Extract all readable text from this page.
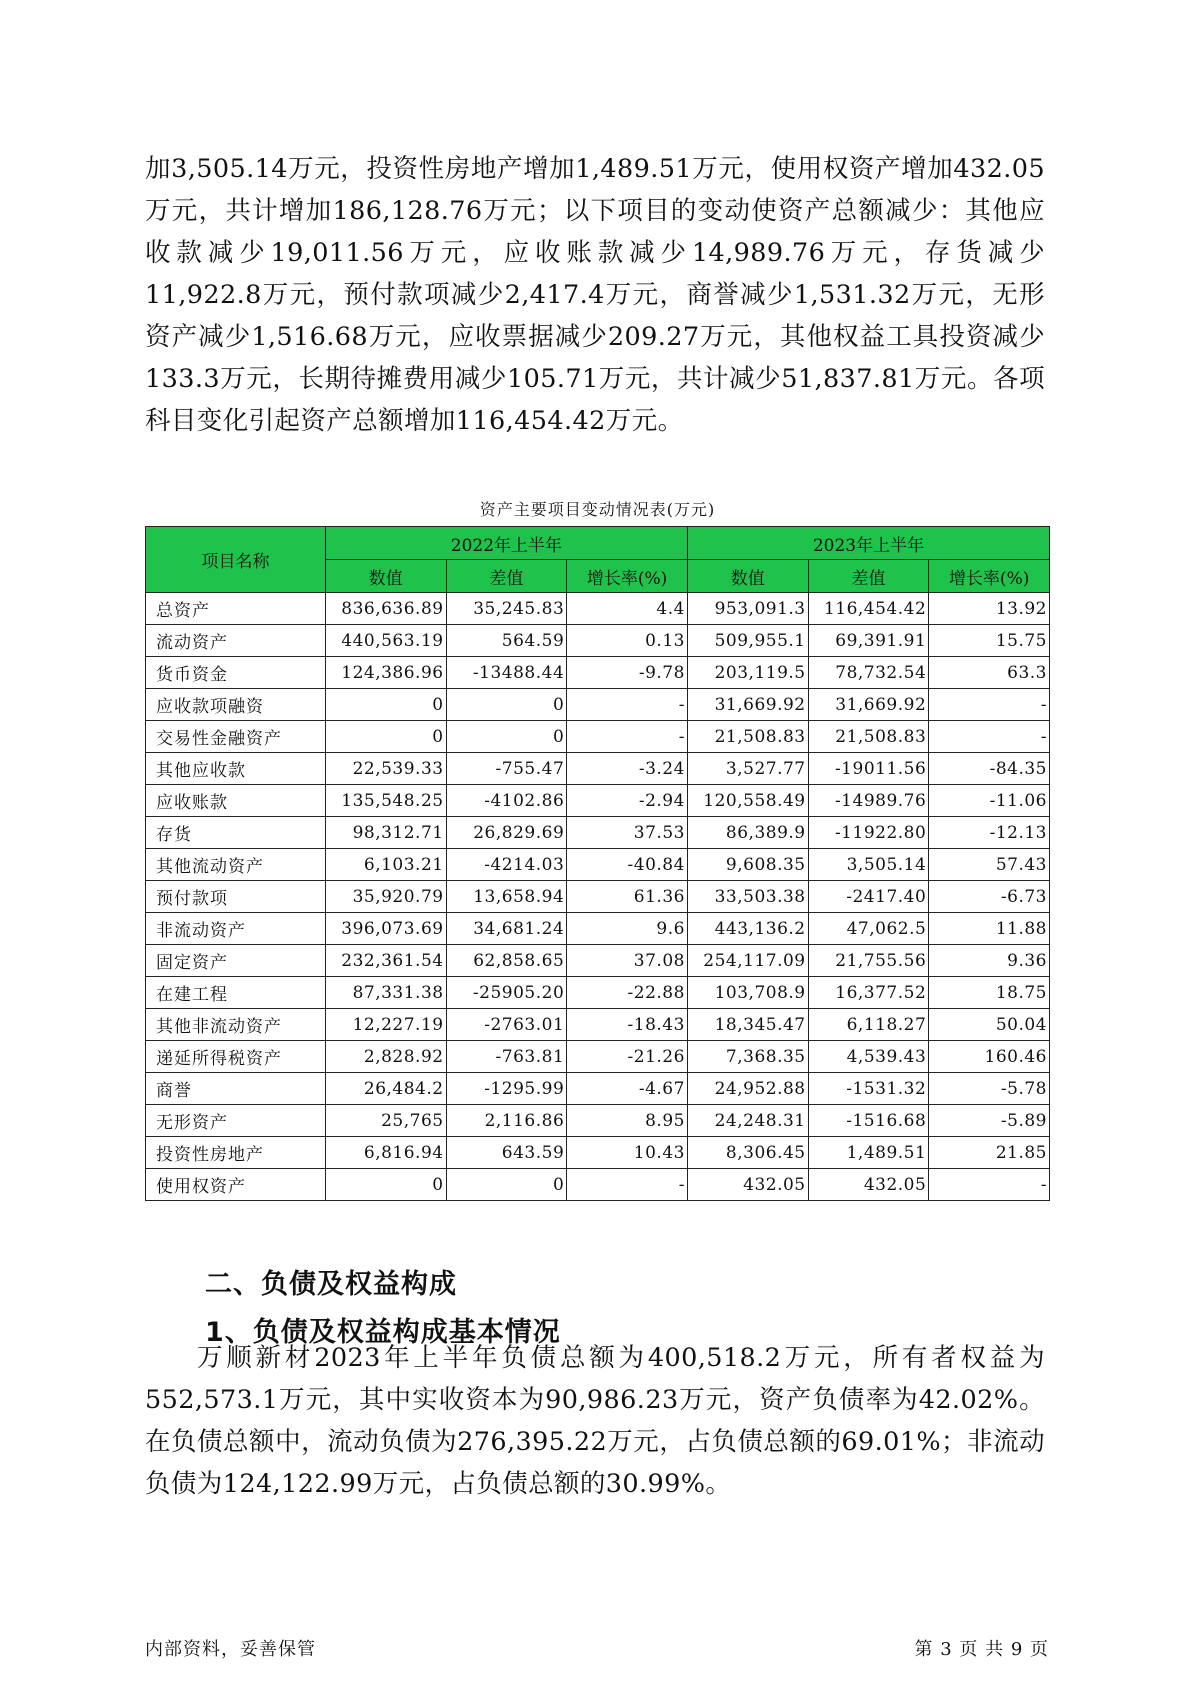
加3,505.14万元，投资性房地产增加1,489.51万元，使用权资产增加432.05万元，共计增加186,128.76万元；以下项目的变动使资产总额减少：其他应收款减少19,011.56万元，应收账款减少14,989.76万元，存货减少11,922.8万元，预付款项减少2,417.4万元，商誉减少1,531.32万元，无形资产减少1,516.68万元，应收票据减少209.27万元，其他权益工具投资减少133.3万元，长期待摊费用减少105.71万元，共计减少51,837.81万元。各项科目变化引起资产总额增加116,454.42万元。

资产主要项目变动情况表(万元)
项目名称	2022年上半年			2023年上半年		
	数值	差值	增长率(%)	数值	差值	增长率(%)
总资产	836,636.89	35,245.83	4.4	953,091.3	116,454.42	13.92
流动资产	440,563.19	564.59	0.13	509,955.1	69,391.91	15.75
货币资金	124,386.96	-13488.44	-9.78	203,119.5	78,732.54	63.3
应收款项融资	0	0	-	31,669.92	31,669.92	-
交易性金融资产	0	0	-	21,508.83	21,508.83	-
其他应收款	22,539.33	-755.47	-3.24	3,527.77	-19011.56	-84.35
应收账款	135,548.25	-4102.86	-2.94	120,558.49	-14989.76	-11.06
存货	98,312.71	26,829.69	37.53	86,389.9	-11922.80	-12.13
其他流动资产	6,103.21	-4214.03	-40.84	9,608.35	3,505.14	57.43
预付款项	35,920.79	13,658.94	61.36	33,503.38	-2417.40	-6.73
非流动资产	396,073.69	34,681.24	9.6	443,136.2	47,062.5	11.88
固定资产	232,361.54	62,858.65	37.08	254,117.09	21,755.56	9.36
在建工程	87,331.38	-25905.20	-22.88	103,708.9	16,377.52	18.75
其他非流动资产	12,227.19	-2763.01	-18.43	18,345.47	6,118.27	50.04
递延所得税资产	2,828.92	-763.81	-21.26	7,368.35	4,539.43	160.46
商誉	26,484.2	-1295.99	-4.67	24,952.88	-1531.32	-5.78
无形资产	25,765	2,116.86	8.95	24,248.31	-1516.68	-5.89
投资性房地产	6,816.94	643.59	10.43	8,306.45	1,489.51	21.85
使用权资产	0	0	-	432.05	432.05	-
二、负债及权益构成
1、负债及权益构成基本情况

万顺新材2023年上半年负债总额为400,518.2万元，所有者权益为552,573.1万元，其中实收资本为90,986.23万元，资产负债率为42.02%。在负债总额中，流动负债为276,395.22万元，占负债总额的69.01%；非流动负债为124,122.99万元，占负债总额的30.99%。

内部资料，妥善保管	第 3 页 共 9 页
